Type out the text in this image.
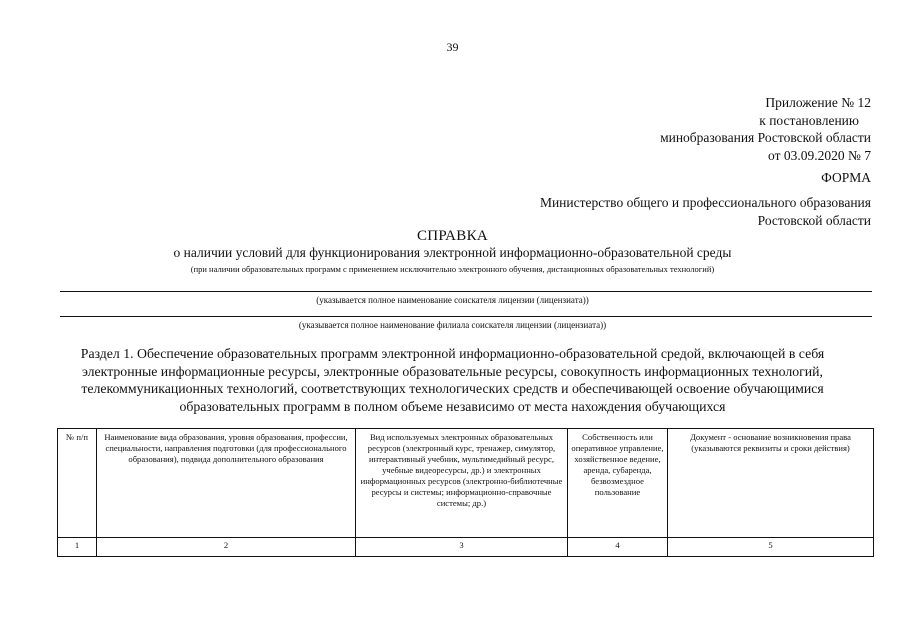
39
Приложение № 12
к постановлению
минобразования Ростовской области
от 03.09.2020 № 7
ФОРМА
Министерство общего и профессионального образования
Ростовской области
СПРАВКА
о наличии условий для функционирования электронной информационно-образовательной среды
(при наличии образовательных программ с применением исключительно электронного обучения, дистанционных образовательных технологий)
(указывается полное наименование соискателя лицензии (лицензиата))
(указывается полное наименование филиала соискателя лицензии (лицензиата))
Раздел 1. Обеспечение образовательных программ электронной информационно-образовательной средой, включающей в себя электронные информационные ресурсы, электронные образовательные ресурсы, совокупность информационных технологий, телекоммуникационных технологий, соответствующих технологических средств и обеспечивающей освоение обучающимися образовательных программ в полном объеме независимо от места нахождения обучающихся
№ п/п	Наименование вида образования, уровня образования, профессии, специальности, направления подготовки (для профессионального образования), подвида дополнительного образования	Вид используемых электронных образовательных ресурсов (электронный курс, тренажер, симулятор, интерактивный учебник, мультимедийный ресурс, учебные видеоресурсы, др.) и электронных информационных ресурсов (электронно-библиотечные ресурсы и системы; информационно-справочные системы; др.)	Собственность или оперативное управление, хозяйственное ведение, аренда, субаренда, безвозмездное пользование	Документ - основание возникновения права (указываются реквизиты и сроки действия)
1	2	3	4	5
